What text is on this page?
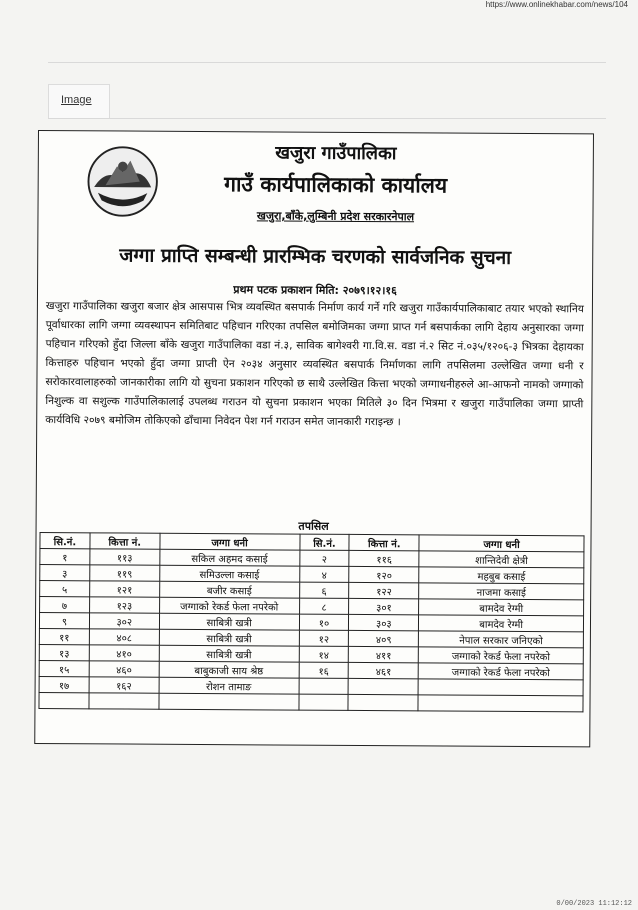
https://www.onlinekhabar.com/news/104
Image
खजुरा गाउँपालिका
गाउँ कार्यपालिकाको कार्यालय
खजुरा,बाँके,लुम्बिनी प्रदेश सरकारनेपाल
जग्गा प्राप्ति सम्बन्धी प्रारम्भिक चरणको सार्वजनिक सुचना
प्रथम पटक प्रकाशन मिति: २०७९।१२।१६
खजुरा गाउँपालिका खजुरा बजार क्षेत्र आसपास भित्र व्यवस्थित बसपार्क निर्माण कार्य गर्ने गरि खजुरा गाउँकार्यपालिकाबाट तयार भएको स्थानिय पूर्वाधारका लागि जग्गा व्यवस्थापन समितिबाट पहिचान गरिएका तपसिल बमोजिमका जग्गा प्राप्त गर्न बसपार्कका लागि देहाय अनुसारका जग्गा पहिचान गरिएको हुँदा जिल्ला बाँके खजुरा गाउँपालिका वडा नं.३, साविक बागेश्वरी गा.वि.स. वडा नं.२ सिट नं.०३५/१२०६-३ भित्रका देहायका कित्ताहरु पहिचान भएको हुँदा जग्गा प्राप्ती ऐन २०३४ अनुसार व्यवस्थित बसपार्क निर्माणका लागि तपसिलमा उल्लेखित जग्गा धनी र सरोकारवालाहरुको जानकारीका लागि यो सुचना प्रकाशन गरिएको छ साथै उल्लेखित कित्ता भएको जग्गाधनीहरुले आ-आफनो नामको जग्गाको निशुल्क वा सशुल्क गाउँपालिकालाई उपलब्ध गराउन यो सुचना प्रकाशन भएका मितिले ३० दिन भित्रमा र खजुरा गाउँपालिका जग्गा प्राप्ती कार्यविधि २०७९ बमोजिम तोकिएको ढाँचामा निवेदन पेश गर्न गराउन समेत जानकारी गराइन्छ ।
तपसिल
सि.नं.	कित्ता नं.	जग्गा धनी	सि.नं.	कित्ता नं.	जग्गा धनी
१	११३	सकिल अहमद कसाई	२	११६	शान्तिदेवी क्षेत्री
३	११९	समिउल्ला कसाई	४	१२०	महबुब कसाई
५	१२१	बजीर कसाई	६	१२२	नाजमा कसाई
७	१२३	जग्गाको रेकर्ड फेला नपरेको	८	३०१	बामदेव रेग्मी
९	३०२	साबित्री खत्री	१०	३०३	बामदेव रेग्मी
११	४०८	साबित्री खत्री	१२	४०९	नेपाल सरकार जनिएको
१३	४१०	साबित्री खत्री	१४	४११	जग्गाको रेकर्ड फेला नपरेको
१५	४६०	बाबुकाजी साय श्रेष्ठ	१६	४६१	जग्गाको रेकर्ड फेला नपरेको
१७	१६२	रोशन तामाङ			

0/00/2023 11:12:12
